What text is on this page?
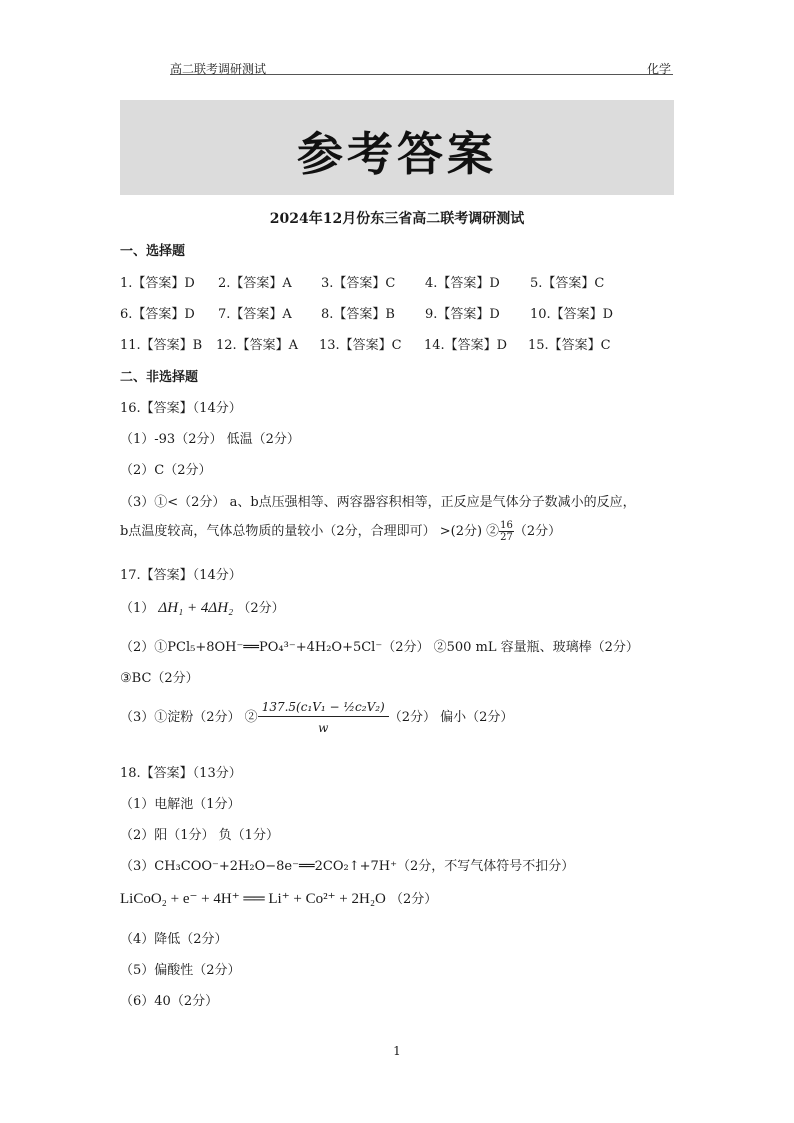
高二联考调研测试	化学
参考答案
2024年12月份东三省高二联考调研测试
一、选择题
1.【答案】D 2.【答案】A 3.【答案】C 4.【答案】D 5.【答案】C
6.【答案】D 7.【答案】A 8.【答案】B 9.【答案】D 10.【答案】D
11.【答案】B 12.【答案】A 13.【答案】C 14.【答案】D 15.【答案】C
二、非选择题
16.【答案】（14分）
（1）-93（2分） 低温（2分）
（2）C（2分）
（3）①<（2分） a、b点压强相等、两容器容积相等，正反应是气体分子数减小的反应，
b点温度较高，气体总物质的量较小（2分，合理即可） >(2分) ② $\frac{16}{27} (2$分）
17.【答案】（14分）
（1） ΔH₁ + 4ΔH₂ （2分）
（2）①PCl₅+8OH⁻══PO₄³⁻+4H₂O+5Cl⁻（2分） ②500 mL 容量瓶、玻璃棒（2分）
③BC（2分）
（3）①淀粉（2分） ② $\frac{\text{137.5(c₁V₁ − ½c₂V₂)}}{w} (2$分） 偏小（2分）
18.【答案】（13分）
（1）电解池（1分）
（2）阳（1分） 负（1分）
（3）CH₃COO⁻+2H₂O−8e⁻══2CO₂↑+7H⁺（2分，不写气体符号不扣分）
LiCoO₂ + e⁻ + 4H⁺ ══ Li⁺ + Co²⁺ + 2H₂O （2分）
（4）降低（2分）
（5）偏酸性（2分）
（6）40（2分）
1
